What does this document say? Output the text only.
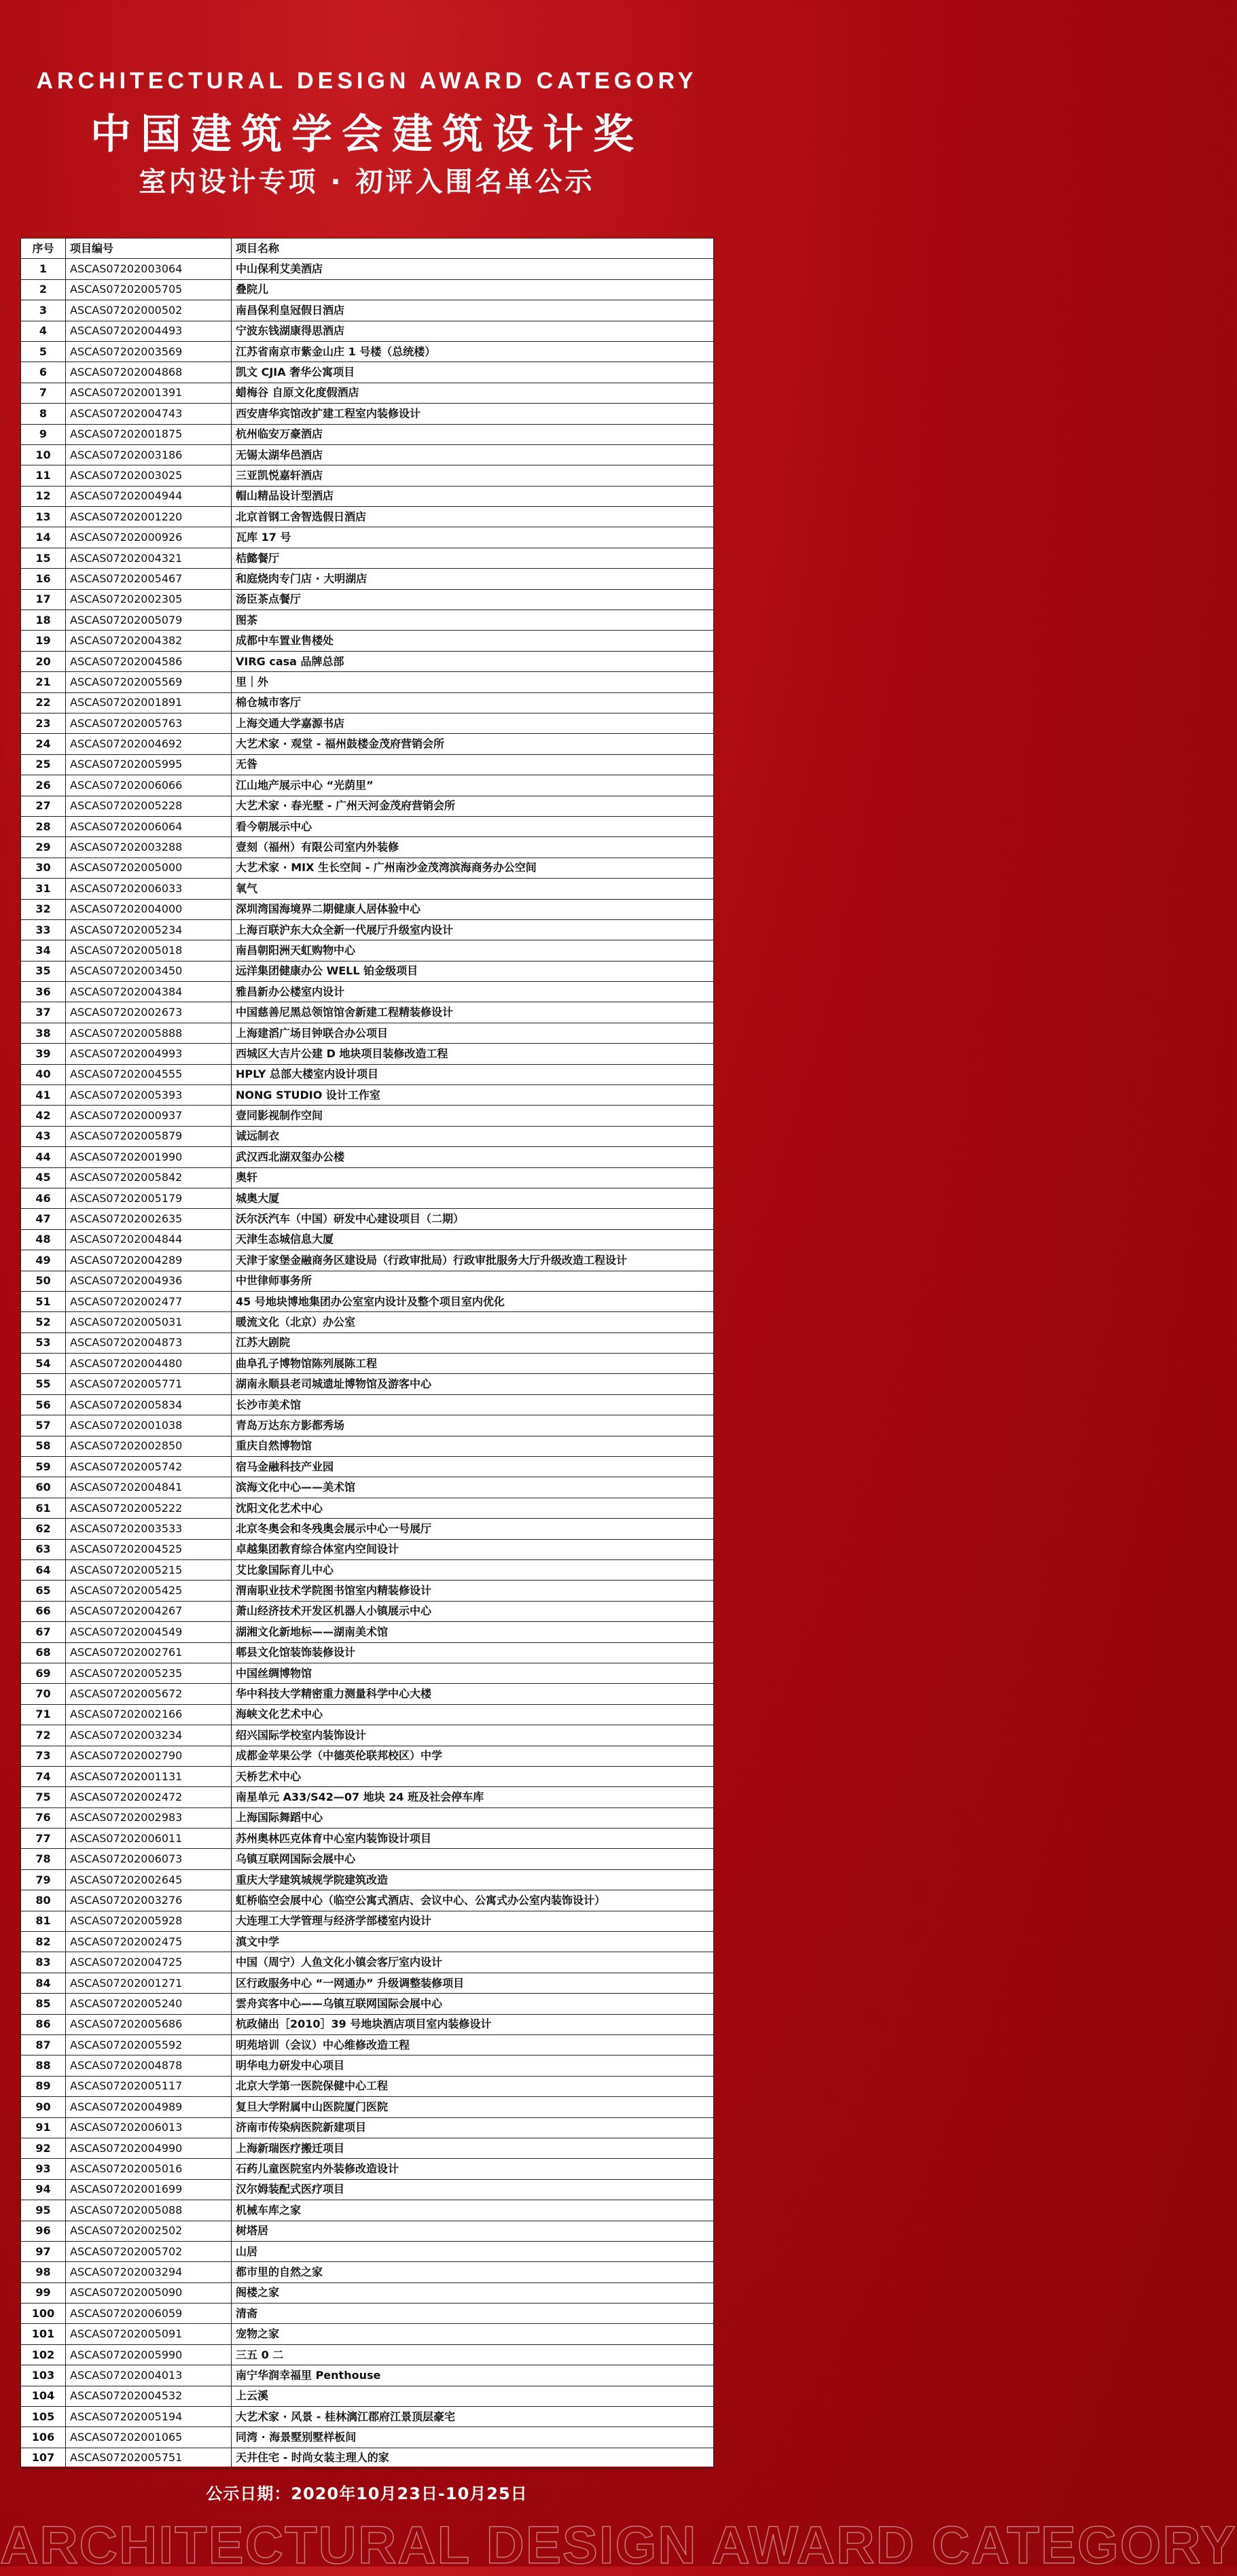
ARCHITECTURAL DESIGN AWARD CATEGORY
中国建筑学会建筑设计奖
室内设计专项 · 初评入围名单公示
序号	项目编号	项目名称
1	ASCAS07202003064	中山保利艾美酒店
2	ASCAS07202005705	叠院儿
3	ASCAS07202000502	南昌保利皇冠假日酒店
4	ASCAS07202004493	宁波东钱湖康得思酒店
5	ASCAS07202003569	江苏省南京市紫金山庄 1 号楼（总统楼）
6	ASCAS07202004868	凯文 CJIA 奢华公寓项目
7	ASCAS07202001391	蜡梅谷 自原文化度假酒店
8	ASCAS07202004743	西安唐华宾馆改扩建工程室内装修设计
9	ASCAS07202001875	杭州临安万豪酒店
10	ASCAS07202003186	无锡太湖华邑酒店
11	ASCAS07202003025	三亚凯悦嘉轩酒店
12	ASCAS07202004944	帽山精品设计型酒店
13	ASCAS07202001220	北京首钢工舍智选假日酒店
14	ASCAS07202000926	瓦库 17 号
15	ASCAS07202004321	桔懿餐厅
16	ASCAS07202005467	和庭烧肉专门店 · 大明湖店
17	ASCAS07202002305	汤臣茶点餐厅
18	ASCAS07202005079	图茶
19	ASCAS07202004382	成都中车置业售楼处
20	ASCAS07202004586	VIRG casa 品牌总部
21	ASCAS07202005569	里｜外
22	ASCAS07202001891	棉仓城市客厅
23	ASCAS07202005763	上海交通大学嘉源书店
24	ASCAS07202004692	大艺术家 · 观堂 - 福州鼓楼金茂府营销会所
25	ASCAS07202005995	无昝
26	ASCAS07202006066	江山地产展示中心 “光荫里”
27	ASCAS07202005228	大艺术家 · 春光墅 - 广州天河金茂府营销会所
28	ASCAS07202006064	看今朝展示中心
29	ASCAS07202003288	壹刻（福州）有限公司室内外装修
30	ASCAS07202005000	大艺术家 · MIX 生长空间 - 广州南沙金茂湾滨海商务办公空间
31	ASCAS07202006033	氧气
32	ASCAS07202004000	深圳湾国海境界二期健康人居体验中心
33	ASCAS07202005234	上海百联沪东大众全新一代展厅升级室内设计
34	ASCAS07202005018	南昌朝阳洲天虹购物中心
35	ASCAS07202003450	远洋集团健康办公 WELL 铂金级项目
36	ASCAS07202004384	雅昌新办公楼室内设计
37	ASCAS07202002673	中国慈善尼黑总领馆馆舍新建工程精装修设计
38	ASCAS07202005888	上海建滔广场目钟联合办公项目
39	ASCAS07202004993	西城区大吉片公建 D 地块项目装修改造工程
40	ASCAS07202004555	HPLY 总部大楼室内设计项目
41	ASCAS07202005393	NONG STUDIO 设计工作室
42	ASCAS07202000937	壹同影视制作空间
43	ASCAS07202005879	诚远制衣
44	ASCAS07202001990	武汉西北湖双玺办公楼
45	ASCAS07202005842	奥轩
46	ASCAS07202005179	城奥大厦
47	ASCAS07202002635	沃尔沃汽车（中国）研发中心建设项目（二期）
48	ASCAS07202004844	天津生态城信息大厦
49	ASCAS07202004289	天津于家堡金融商务区建设局（行政审批局）行政审批服务大厅升级改造工程设计
50	ASCAS07202004936	中世律师事务所
51	ASCAS07202002477	45 号地块博地集团办公室室内设计及整个项目室内优化
52	ASCAS07202005031	暖流文化（北京）办公室
53	ASCAS07202004873	江苏大剧院
54	ASCAS07202004480	曲阜孔子博物馆陈列展陈工程
55	ASCAS07202005771	湖南永顺县老司城遗址博物馆及游客中心
56	ASCAS07202005834	长沙市美术馆
57	ASCAS07202001038	青岛万达东方影都秀场
58	ASCAS07202002850	重庆自然博物馆
59	ASCAS07202005742	宿马金融科技产业园
60	ASCAS07202004841	滨海文化中心——美术馆
61	ASCAS07202005222	沈阳文化艺术中心
62	ASCAS07202003533	北京冬奥会和冬残奥会展示中心一号展厅
63	ASCAS07202004525	卓越集团教育综合体室内空间设计
64	ASCAS07202005215	艾比象国际育儿中心
65	ASCAS07202005425	渭南职业技术学院图书馆室内精装修设计
66	ASCAS07202004267	萧山经济技术开发区机器人小镇展示中心
67	ASCAS07202004549	湖湘文化新地标——湖南美术馆
68	ASCAS07202002761	郫县文化馆装饰装修设计
69	ASCAS07202005235	中国丝绸博物馆
70	ASCAS07202005672	华中科技大学精密重力测量科学中心大楼
71	ASCAS07202002166	海峡文化艺术中心
72	ASCAS07202003234	绍兴国际学校室内装饰设计
73	ASCAS07202002790	成都金苹果公学（中德英伦联邦校区）中学
74	ASCAS07202001131	天桥艺术中心
75	ASCAS07202002472	南星单元 A33/S42—07 地块 24 班及社会停车库
76	ASCAS07202002983	上海国际舞蹈中心
77	ASCAS07202006011	苏州奥林匹克体育中心室内装饰设计项目
78	ASCAS07202006073	乌镇互联网国际会展中心
79	ASCAS07202002645	重庆大学建筑城规学院建筑改造
80	ASCAS07202003276	虹桥临空会展中心（临空公寓式酒店、会议中心、公寓式办公室内装饰设计）
81	ASCAS07202005928	大连理工大学管理与经济学部楼室内设计
82	ASCAS07202002475	滇文中学
83	ASCAS07202004725	中国（周宁）人鱼文化小镇会客厅室内设计
84	ASCAS07202001271	区行政服务中心 “一网通办” 升级调整装修项目
85	ASCAS07202005240	雲舟宾客中心——乌镇互联网国际会展中心
86	ASCAS07202005686	杭政储出［2010］39 号地块酒店项目室内装修设计
87	ASCAS07202005592	明苑培训（会议）中心维修改造工程
88	ASCAS07202004878	明华电力研发中心项目
89	ASCAS07202005117	北京大学第一医院保健中心工程
90	ASCAS07202004989	复旦大学附属中山医院厦门医院
91	ASCAS07202006013	济南市传染病医院新建项目
92	ASCAS07202004990	上海新瑞医疗搬迁项目
93	ASCAS07202005016	石药儿童医院室内外装修改造设计
94	ASCAS07202001699	汉尔姆装配式医疗项目
95	ASCAS07202005088	机械车库之家
96	ASCAS07202002502	树塔居
97	ASCAS07202005702	山居
98	ASCAS07202003294	都市里的自然之家
99	ASCAS07202005090	阁楼之家
100	ASCAS07202006059	清斋
101	ASCAS07202005091	宠物之家
102	ASCAS07202005990	三五 0 二
103	ASCAS07202004013	南宁华润幸福里 Penthouse
104	ASCAS07202004532	上云溪
105	ASCAS07202005194	大艺术家 · 风景 - 桂林漓江郡府江景顶层豪宅
106	ASCAS07202001065	同湾 · 海景墅别墅样板间
107	ASCAS07202005751	天井住宅 - 时尚女装主理人的家
公示日期：2020年10月23日-10月25日
ARCHITECTURAL DESIGN AWARD CATEGORY
